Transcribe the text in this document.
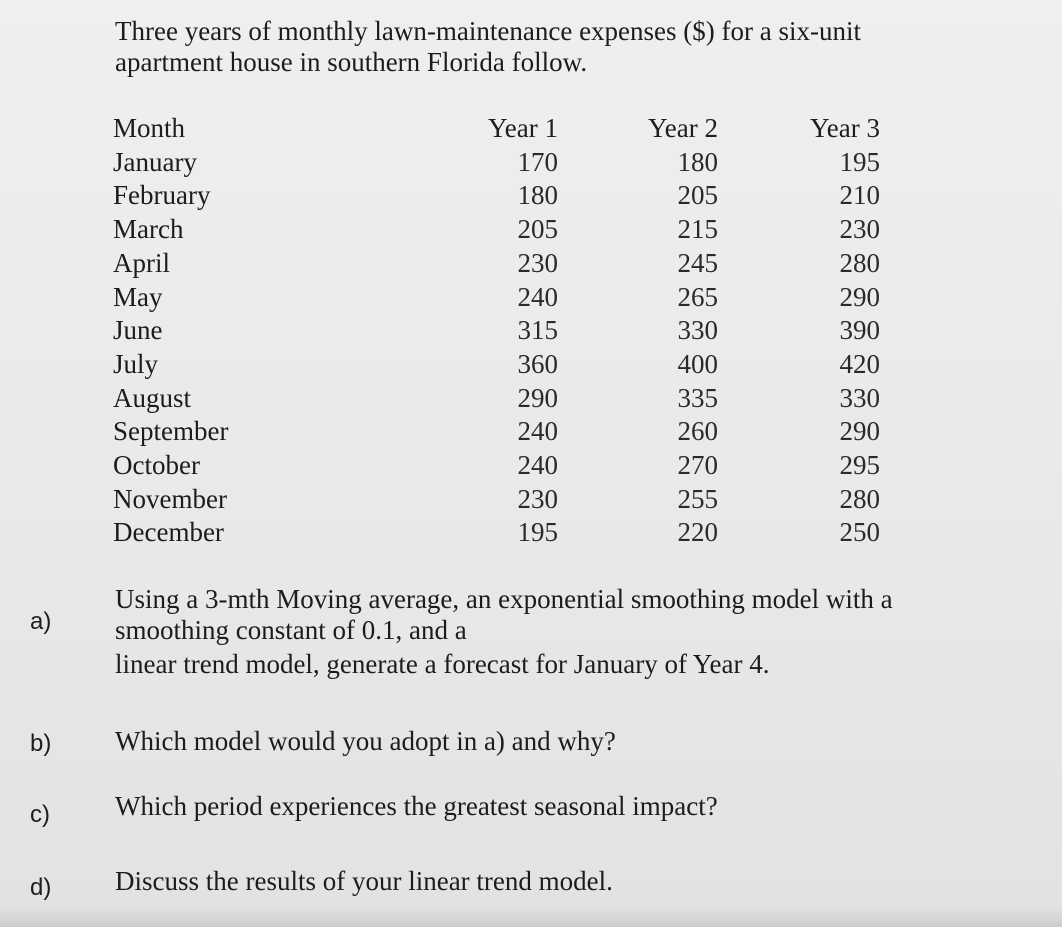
Three years of monthly lawn-maintenance expenses ($) for a six-unit
apartment house in southern Florida follow.

Month	Year 1	Year 2	Year 3
January	170	180	195
February	180	205	210
March	205	215	230
April	230	245	280
May	240	265	290
June	315	330	390
July	360	400	420
August	290	335	330
September	240	260	290
October	240	270	295
November	230	255	280
December	195	220	250
a)

Using a 3-mth Moving average, an exponential smoothing model with a
smoothing constant of 0.1, and a
linear trend model, generate a forecast for January of Year 4.

b) Which model would you adopt in a) and why?

c) Which period experiences the greatest seasonal impact?

d) Discuss the results of your linear trend model.
